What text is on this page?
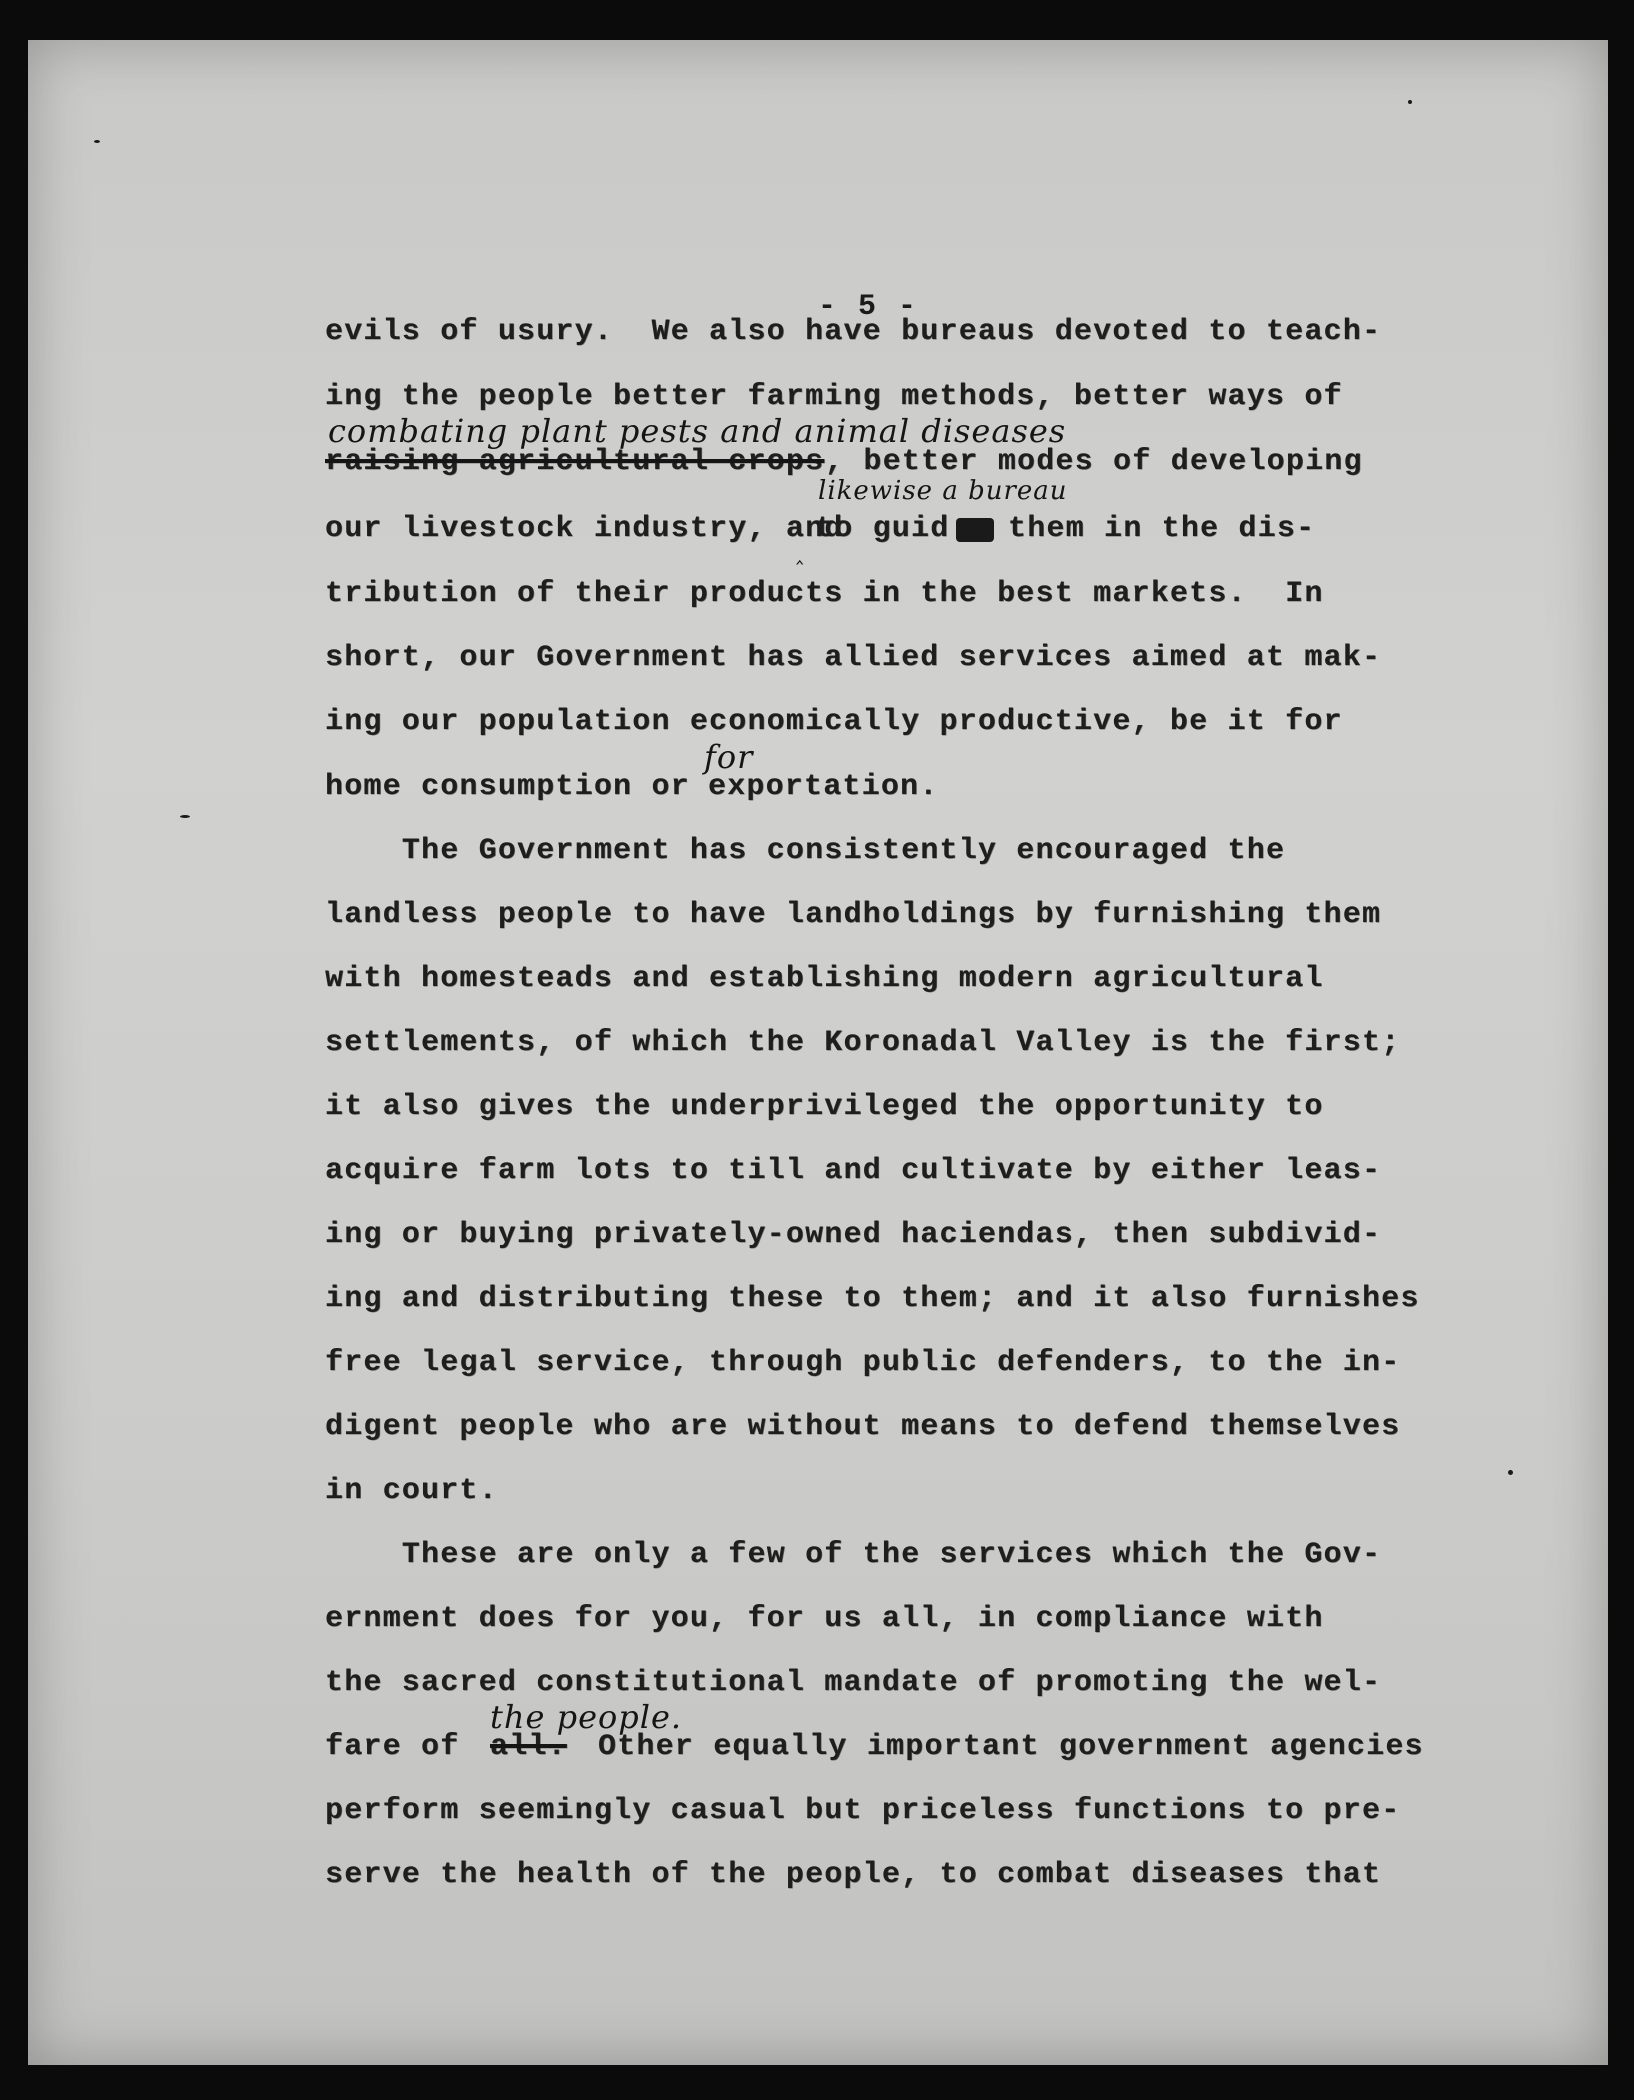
- 5 -
evils of usury.  We also have bureaus devoted to teach-
ing the people better farming methods, better ways of
combating plant pests and animal diseases
raising agricultural crops , better modes of developing
likewise a bureau
our livestock industry, and
‸
to guid them in the dis-
tribution of their products in the best markets.  In
short, our Government has allied services aimed at mak-
ing our population economically productive, be it for
for
home consumption or exportation.
The Government has consistently encouraged the
landless people to have landholdings by furnishing them
with homesteads and establishing modern agricultural
settlements, of which the Koronadal Valley is the first;
it also gives the underprivileged the opportunity to
acquire farm lots to till and cultivate by either leas-
ing or buying privately-owned haciendas, then subdivid-
ing and distributing these to them; and it also furnishes
free legal service, through public defenders, to the in-
digent people who are without means to defend themselves
in court.
These are only a few of the services which the Gov-
ernment does for you, for us all, in compliance with
the sacred constitutional mandate of promoting the wel-
the people.
fare of all. Other equally important government agencies
perform seemingly casual but priceless functions to pre-
serve the health of the people, to combat diseases that
